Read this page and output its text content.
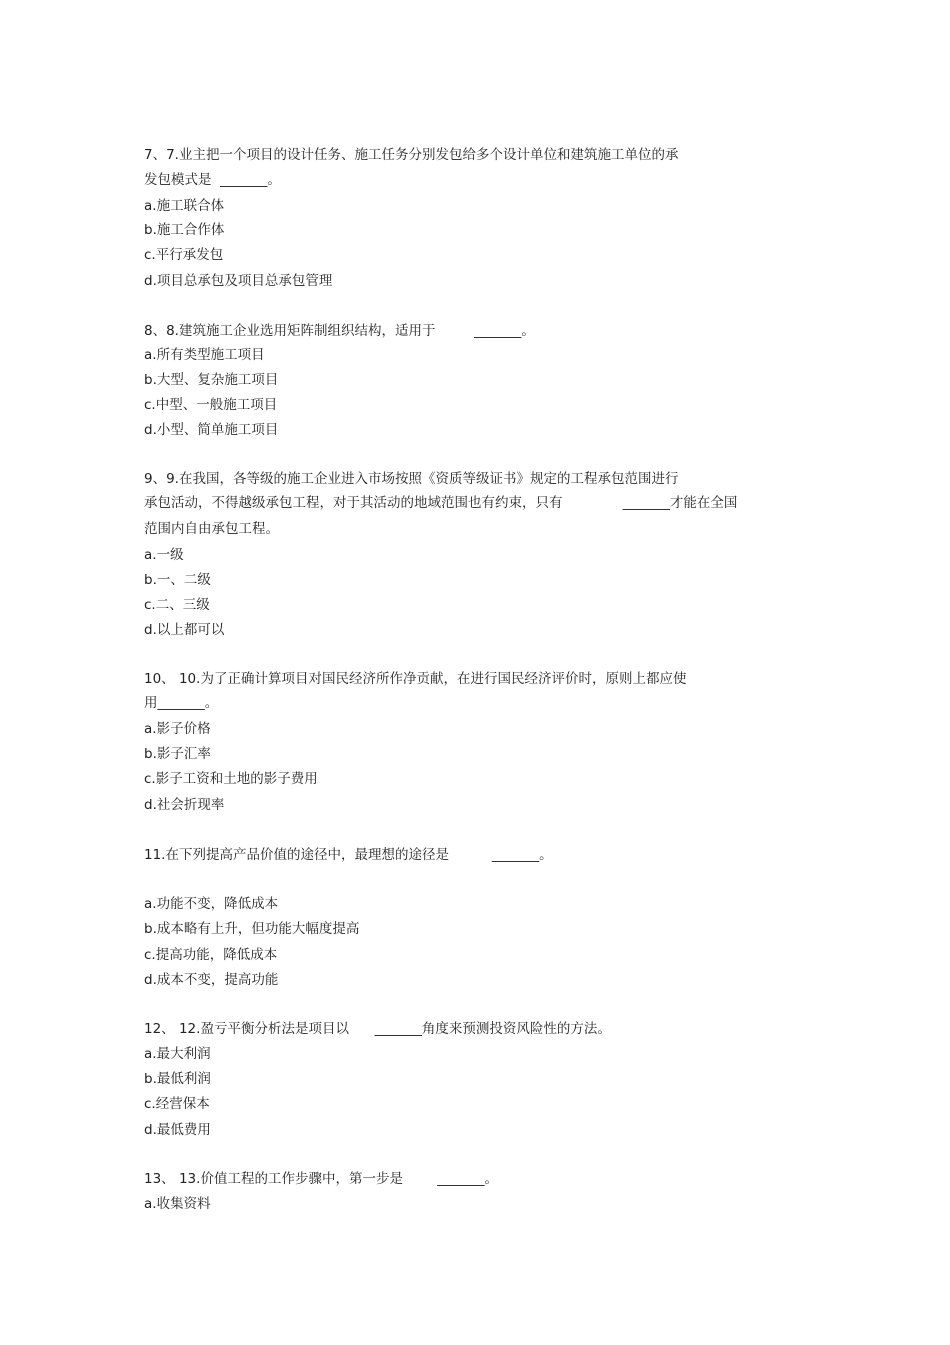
7、7.业主把一个项目的设计任务、施工任务分别发包给多个设计单位和建筑施工单位的承
发包模式是  _______。
a.施工联合体
b.施工合作体
c.平行承发包
d.项目总承包及项目总承包管理
8、8.建筑施工企业选用矩阵制组织结构，适用于         _______。
a.所有类型施工项目
b.大型、复杂施工项目
c.中型、一般施工项目
d.小型、简单施工项目
9、9.在我国，各等级的施工企业进入市场按照《资质等级证书》规定的工程承包范围进行
承包活动，不得越级承包工程，对于其活动的地域范围也有约束，只有              _______才能在全国
范围内自由承包工程。
a.一级
b.一、二级
c.二、三级
d.以上都可以
10、 10.为了正确计算项目对国民经济所作净贡献，在进行国民经济评价时，原则上都应使
用_______。
a.影子价格
b.影子汇率
c.影子工资和土地的影子费用
d.社会折现率
11.在下列提高产品价值的途径中，最理想的途径是          _______。
a.功能不变，降低成本
b.成本略有上升，但功能大幅度提高
c.提高功能，降低成本
d.成本不变，提高功能
12、 12.盈亏平衡分析法是项目以      _______角度来预测投资风险性的方法。
a.最大利润
b.最低利润
c.经营保本
d.最低费用
13、 13.价值工程的工作步骤中，第一步是        _______。
a.收集资料
